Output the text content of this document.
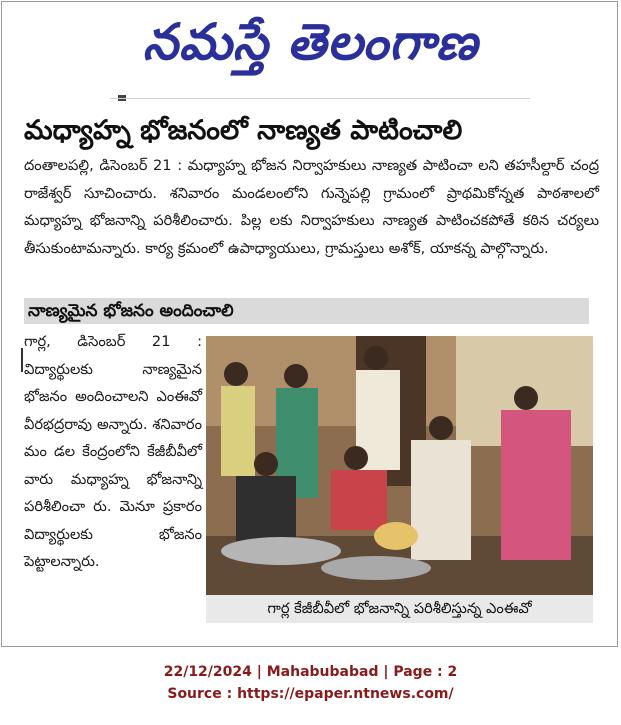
నమస్తే తెలంగాణ
మధ్యాహ్న భోజనంలో నాణ్యత పాటించాలి
దంతాలపల్లి, డిసెంబర్ 21 : మధ్యాహ్న భోజన నిర్వాహకులు నాణ్యత పాటించా లని తహసీల్దార్ చంద్ర రాజేశ్వర్ సూచించారు. శనివారం మండలంలోని గున్నెపల్లి గ్రామంలో ప్రాథమికోన్నత పాఠశాలలో మధ్యాహ్న భోజనాన్ని పరిశీలించారు. పిల్ల లకు నిర్వాహకులు నాణ్యత పాటించకపోతే కఠిన చర్యలు తీసుకుంటామన్నారు. కార్య క్రమంలో ఉపాధ్యాయులు, గ్రామస్తులు అశోక్, యాకన్న పాల్గొన్నారు.
నాణ్యమైన భోజనం అందించాలి
గార్ల, డిసెంబర్ 21 : విద్యార్థులకు నాణ్యమైన భోజనం అందించాలని ఎంఈవో వీరభద్రరావు అన్నారు. శనివారం మం డల కేంద్రంలోని కేజీబీవీలో వారు మధ్యాహ్న భోజనాన్ని పరిశీలించా రు. మెనూ ప్రకారం విద్యార్థులకు భోజనం పెట్టాలన్నారు.
గార్ల కేజీబీవీలో భోజనాన్ని పరిశీలిస్తున్న ఎంఈవో
22/12/2024 | Mahabubabad | Page : 2
Source : https://epaper.ntnews.com/
